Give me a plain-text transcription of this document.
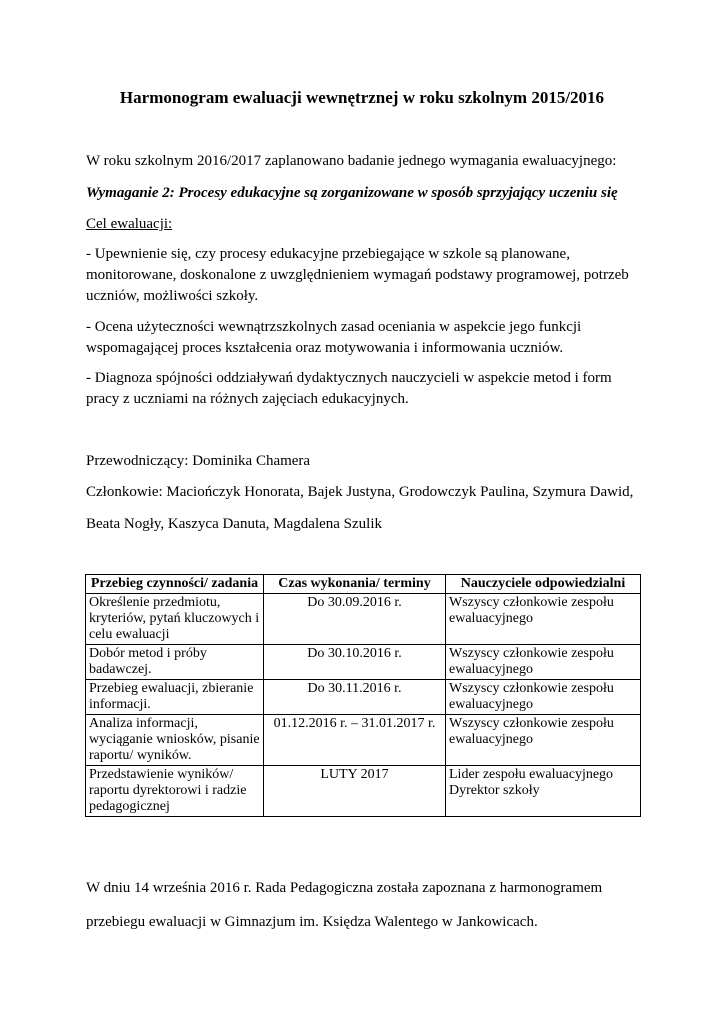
Harmonogram ewaluacji wewnętrznej w roku szkolnym 2015/2016

W roku szkolnym 2016/2017 zaplanowano badanie jednego wymagania ewaluacyjnego:

Wymaganie 2: Procesy edukacyjne są zorganizowane w sposób sprzyjający uczeniu się

Cel ewaluacji:

- Upewnienie się, czy procesy edukacyjne przebiegające w szkole są planowane, monitorowane, doskonalone z uwzględnieniem wymagań podstawy programowej, potrzeb uczniów, możliwości szkoły.

- Ocena użyteczności wewnątrzszkolnych zasad oceniania w aspekcie jego funkcji wspomagającej proces kształcenia oraz motywowania i informowania uczniów.

- Diagnoza spójności oddziaływań dydaktycznych nauczycieli w aspekcie metod i form pracy z uczniami na różnych zajęciach edukacyjnych.

Przewodniczący: Dominika Chamera

Członkowie: Maciończyk Honorata, Bajek Justyna, Grodowczyk Paulina, Szymura Dawid,

Beata Nogły, Kaszyca Danuta, Magdalena Szulik

Przebieg czynności/ zadania	Czas wykonania/ terminy	Nauczyciele odpowiedzialni
Określenie przedmiotu, kryteriów, pytań kluczowych i celu ewaluacji	Do 30.09.2016 r.	Wszyscy członkowie zespołu ewaluacyjnego
Dobór metod i próby badawczej.	Do 30.10.2016 r.	Wszyscy członkowie zespołu ewaluacyjnego
Przebieg ewaluacji, zbieranie informacji.	Do 30.11.2016 r.	Wszyscy członkowie zespołu ewaluacyjnego
Analiza informacji, wyciąganie wniosków, pisanie raportu/ wyników.	01.12.2016 r. – 31.01.2017 r.	Wszyscy członkowie zespołu ewaluacyjnego
Przedstawienie wyników/ raportu dyrektorowi i radzie pedagogicznej	LUTY 2017	Lider zespołu ewaluacyjnego Dyrektor szkoły

W dniu 14 września 2016 r. Rada Pedagogiczna została zapoznana z harmonogramem

przebiegu ewaluacji w Gimnazjum im. Księdza Walentego w Jankowicach.
